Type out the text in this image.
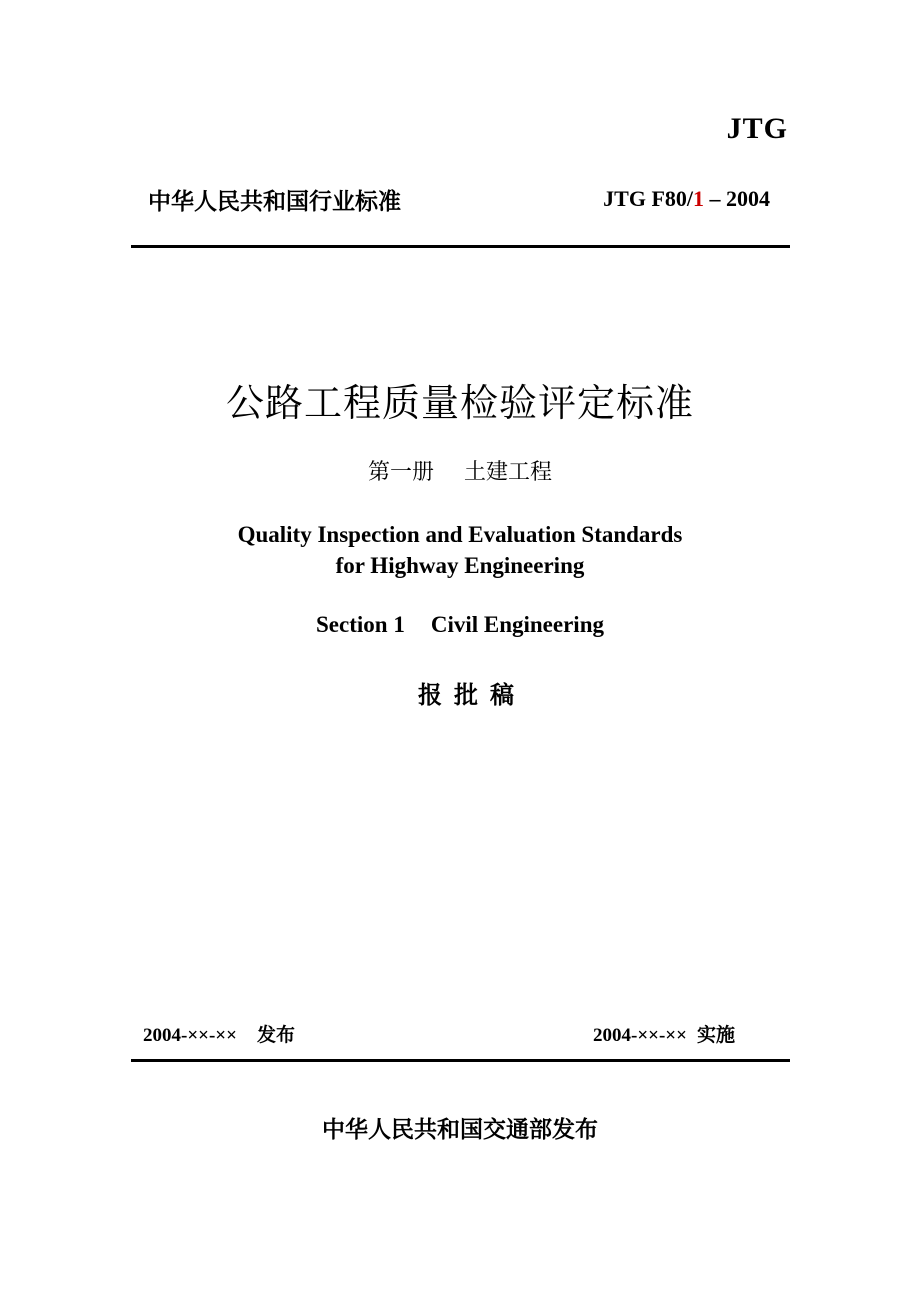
JTG
中华人民共和国行业标准	JTG F80/1 – 2004
公路工程质量检验评定标准
第一册 土建工程
Quality Inspection and Evaluation Standards
for Highway Engineering
Section 1 Civil Engineering
报批稿
2004-××-×× 发布	2004-××-×× 实施
中华人民共和国交通部发布
